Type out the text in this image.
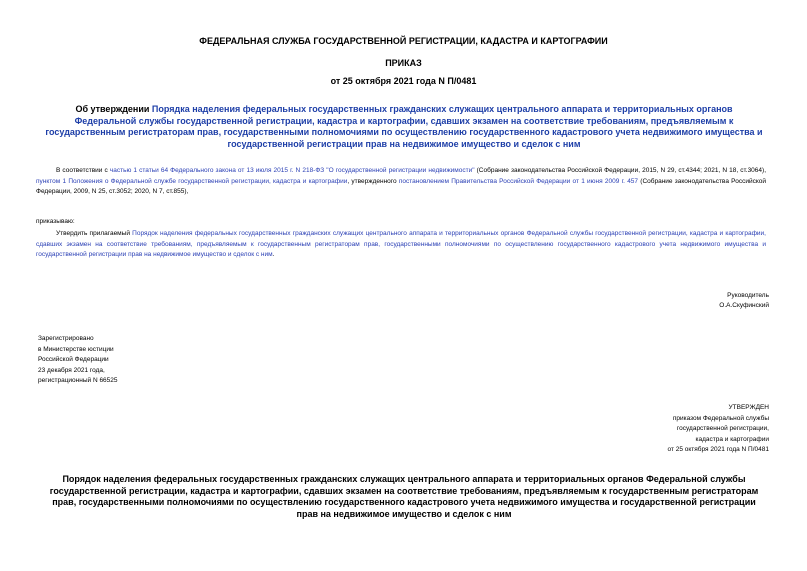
ФЕДЕРАЛЬНАЯ СЛУЖБА ГОСУДАРСТВЕННОЙ РЕГИСТРАЦИИ, КАДАСТРА И КАРТОГРАФИИ
ПРИКАЗ
от 25 октября 2021 года N П/0481
Об утверждении Порядка наделения федеральных государственных гражданских служащих центрального аппарата и территориальных органов Федеральной службы государственной регистрации, кадастра и картографии, сдавших экзамен на соответствие требованиям, предъявляемым к государственным регистраторам прав, государственными полномочиями по осуществлению государственного кадастрового учета недвижимого имущества и государственной регистрации прав на недвижимое имущество и сделок с ним
В соответствии с частью 1 статьи 64 Федерального закона от 13 июля 2015 г. N 218-ФЗ "О государственной регистрации недвижимости" (Собрание законодательства Российской Федерации, 2015, N 29, ст.4344; 2021, N 18, ст.3064), пунктом 1 Положения о Федеральной службе государственной регистрации, кадастра и картографии, утвержденного постановлением Правительства Российской Федерации от 1 июня 2009 г. 457 (Собрание законодательства Российской Федерации, 2009, N 25, ст.3052; 2020, N 7, ст.855),
приказываю:
Утвердить прилагаемый Порядок наделения федеральных государственных гражданских служащих центрального аппарата и территориальных органов Федеральной службы государственной регистрации, кадастра и картографии, сдавших экзамен на соответствие требованиям, предъявляемым к государственным регистраторам прав, государственными полномочиями по осуществлению государственного кадастрового учета недвижимого имущества и государственной регистрации прав на недвижимое имущество и сделок с ним.
Руководитель
О.А.Скуфинский
Зарегистрировано
в Министерстве юстиции
Российской Федерации
23 декабря 2021 года,
регистрационный N 66525
УТВЕРЖДЕН
приказом Федеральной службы
государственной регистрации,
кадастра и картографии
от 25 октября 2021 года N П/0481
Порядок наделения федеральных государственных гражданских служащих центрального аппарата и территориальных органов Федеральной службы государственной регистрации, кадастра и картографии, сдавших экзамен на соответствие требованиям, предъявляемым к государственным регистраторам прав, государственными полномочиями по осуществлению государственного кадастрового учета недвижимого имущества и государственной регистрации прав на недвижимое имущество и сделок с ним
